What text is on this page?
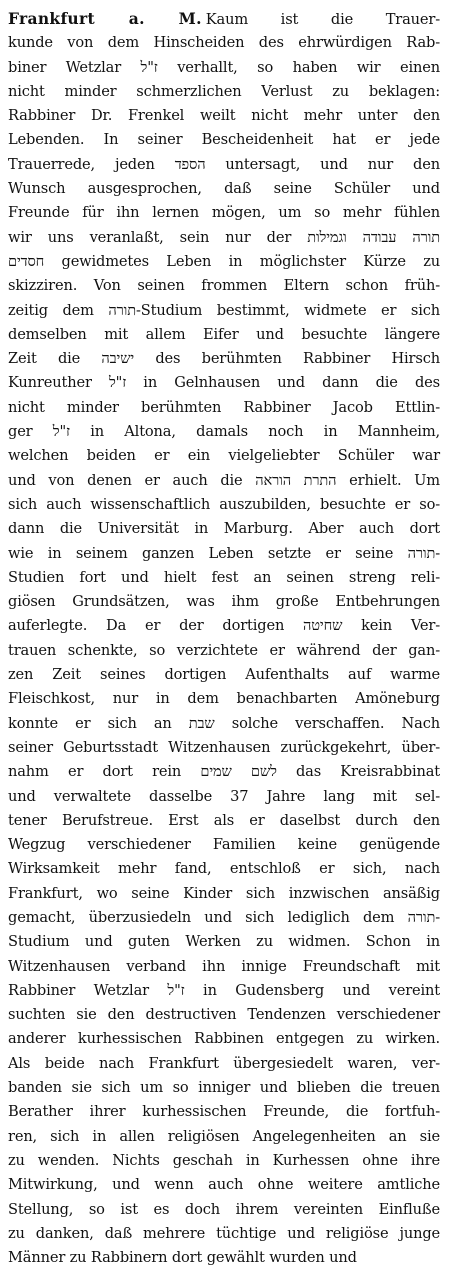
Frankfurt a. M. Kaum ist die Trauer-
kunde von dem Hinscheiden des ehrwürdigen Rab-
biner Wetzlar ז"ל verhallt, so haben wir einen
nicht minder schmerzlichen Verlust zu beklagen:
Rabbiner Dr. Frenkel weilt nicht mehr unter den
Lebenden. In seiner Bescheidenheit hat er jede
Trauerrede, jeden הספד untersagt, und nur den
Wunsch ausgesprochen, daß seine Schüler und
Freunde für ihn lernen mögen, um so mehr fühlen
wir uns veranlaßt, sein nur der תורה עבודה וגמילות
חסדים gewidmetes Leben in möglichster Kürze zu
skizziren. Von seinen frommen Eltern schon früh-
zeitig dem תורה-Studium bestimmt, widmete er sich
demselben mit allem Eifer und besuchte längere
Zeit die ישיבה des berühmten Rabbiner Hirsch
Kunreuther ז"ל in Gelnhausen und dann die des
nicht minder berühmten Rabbiner Jacob Ettlin-
ger ז"ל in Altona, damals noch in Mannheim,
welchen beiden er ein vielgeliebter Schüler war
und von denen er auch die התרת הוראה erhielt. Um
sich auch wissenschaftlich auszubilden, besuchte er so-
dann die Universität in Marburg. Aber auch dort
wie in seinem ganzen Leben setzte er seine תורה-
Studien fort und hielt fest an seinen streng reli-
giösen Grundsätzen, was ihm große Entbehrungen
auferlegte. Da er der dortigen שחיטה kein Ver-
trauen schenkte, so verzichtete er während der gan-
zen Zeit seines dortigen Aufenthalts auf warme
Fleischkost, nur in dem benachbarten Amöneburg
konnte er sich an שבת solche verschaffen. Nach
seiner Geburtsstadt Witzenhausen zurückgekehrt, über-
nahm er dort rein לשם שמים das Kreisrabbinat
und verwaltete dasselbe 37 Jahre lang mit sel-
tener Berufstreue. Erst als er daselbst durch den
Wegzug verschiedener Familien keine genügende
Wirksamkeit mehr fand, entschloß er sich, nach
Frankfurt, wo seine Kinder sich inzwischen ansäßig
gemacht, überzusiedeln und sich lediglich dem תורה-
Studium und guten Werken zu widmen. Schon in
Witzenhausen verband ihn innige Freundschaft mit
Rabbiner Wetzlar ז"ל in Gudensberg und vereint
suchten sie den destructiven Tendenzen verschiedener
anderer kurhessischen Rabbinen entgegen zu wirken.
Als beide nach Frankfurt übergesiedelt waren, ver-
banden sie sich um so inniger und blieben die treuen
Berather ihrer kurhessischen Freunde, die fortfuh-
ren, sich in allen religiösen Angelegenheiten an sie
zu wenden. Nichts geschah in Kurhessen ohne ihre
Mitwirkung, und wenn auch ohne weitere amtliche
Stellung, so ist es doch ihrem vereinten Einfluße
zu danken, daß mehrere tüchtige und religiöse junge
Männer zu Rabbinern dort gewählt wurden und
